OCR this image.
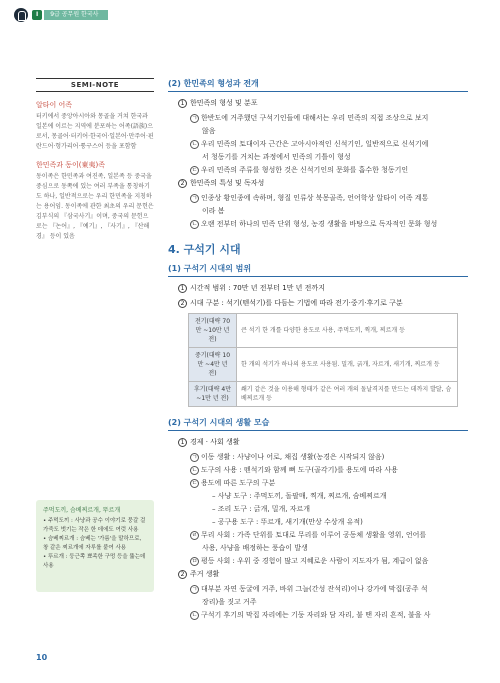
Ⅰ	9급 공무원 한국사
SEMI-NOTE
알타이 어족
터키에서 중앙아시아와 몽골을 거쳐 한국과 일본에 이르는 지역에 분포하는 어족(語族)으로서, 몽골어·터키어·한국어·일본어·만주어·핀란드어·헝가리어·퉁구스어 등을 포함함
한민족과 동이(東夷)족
동이족은 한민족과 여진족, 일본족 등 중국을 중심으로 동쪽에 있는 여러 부족을 통칭하기도 하나, 일반적으로는 우리 한민족을 지칭하는 용어임. 동이족에 관한 최초의 우리 문헌은 김부식의 『삼국사기』이며, 중국의 문헌으로는 『논어』, 『예기』, 『사기』, 『산해경』 등이 있음
주먹도끼, 슴베찌르개, 뚜르개
• 주먹도끼 : 사냥과 공수 이야기로 뭉갈 걸 가죽도 벗기는 작은 한 데에도 여럿 사용
• 슴베찌르개 : 슴베는 '가름'을 말하므로, 창 같은 찌르개에 자루를 붙여 사용
• 뚜르개 : 둥근쪽 뾰족한 구멍 등을 뚫는데 사용
(2) 한민족의 형성과 전개
1 한민족의 형성 및 분포
ㄱ 한반도에 거주했던 구석기인들에 대해서는 우리 민족의 직접 조상으로 보지
않음
ㄴ 우리 민족의 토대이자 근간은 고아시아적인 신석기인, 일반적으로 신석기에
서 청동기를 거치는 과정에서 민족의 기틀이 형성
ㄷ 우리 민족의 주류를 형성한 것은 신석기인의 문화를 흡수한 청동기인
2 한민족의 특성 및 독자성
ㄱ 인종상 황인종에 속하며, 형질 인류상 북몽골족, 언어학상 알타이 어족 계통
이라 봄
ㄴ 오랜 전부터 하나의 민족 단위 형성, 농경 생활을 바탕으로 독자적인 문화 형성
4. 구석기 시대
(1) 구석기 시대의 범위
1 시간적 범위 : 70만 년 전부터 1만 년 전까지
2 시대 구분 : 석기(뗀석기)를 다듬는 기법에 따라 전기·중기·후기로 구분
전기(대략 70만 ~10만 년 전)	큰 석기 한 개를 다양한 용도로 사용, 주먹도끼, 찍개, 찌르개 등
중기(대략 10만 ~4만 년 전)	한 개의 석기가 하나의 용도로 사용됨. 밀개, 긁개, 자르개, 새기개, 찌르개 등
후기(대략 4만 ~1만 년 전)	쐐기 같은 것을 이용해 형태가 같은 여러 개의 돌날격지를 만드는 데까지 발달, 슴베찌르개 등
(2) 구석기 시대의 생활 모습
1 경제 · 사회 생활
ㄱ 이동 생활 : 사냥이나 어로, 채집 생활(농경은 시작되지 않음)
ㄴ 도구의 사용 : 뗀석기와 함께 뼈 도구(골각기)를 용도에 따라 사용
ㄷ 용도에 따른 도구의 구분
– 사냥 도구 : 주먹도끼, 돌팔매, 찍개, 찌르개, 슴베찌르개
– 조리 도구 : 긁개, 밀개, 자르개
– 공구용 도구 : 뚜르개, 새기개(만상 수상개 유적)
ㄹ 무리 사회 : 가족 단위를 토대로 무리를 이루어 공동체 생활을 영위, 언어를
사용, 사냥을 배정하는 풍습이 발생
ㅁ 평등 사회 : 우위 중 경험이 많고 지혜로운 사람이 지도자가 됨, 계급이 없음
2 주거 생활
ㄱ 대부분 자연 동굴에 거주, 바위 그늘(간성 잔석리)이나 강가에 막집(공주 석
장리)을 짓고 거주
ㄴ 구석기 후기의 막집 자리에는 기둥 자리와 담 자리, 불 땐 자리 흔적, 불을 사
10
